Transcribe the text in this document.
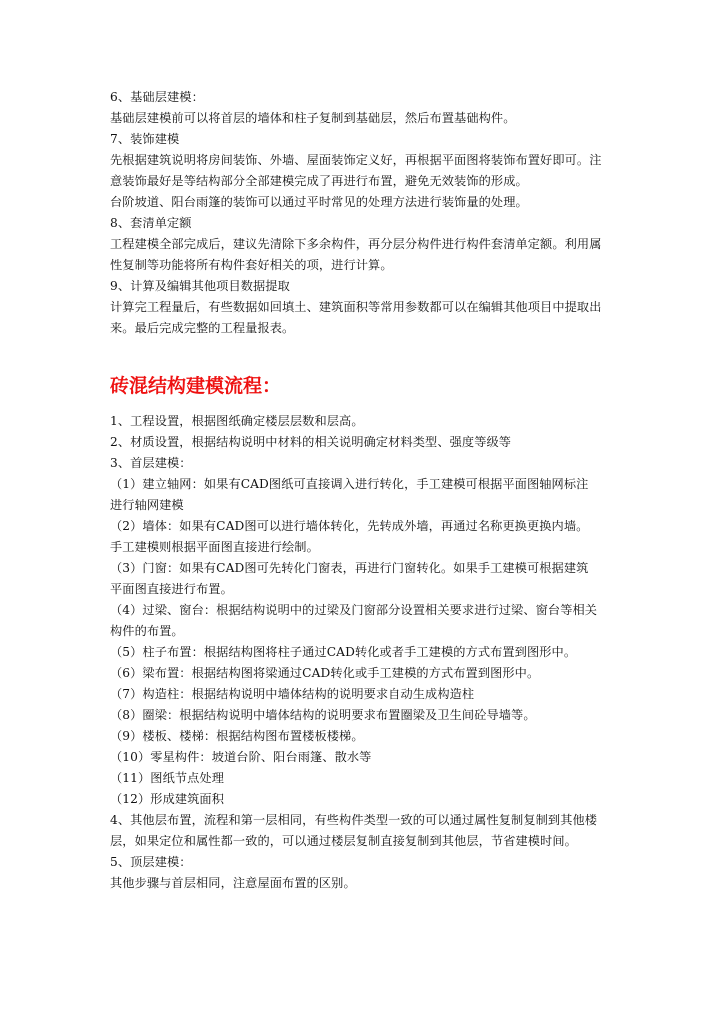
6、基础层建模：
基础层建模前可以将首层的墙体和柱子复制到基础层，然后布置基础构件。
7、装饰建模
先根据建筑说明将房间装饰、外墙、屋面装饰定义好，再根据平面图将装饰布置好即可。注
意装饰最好是等结构部分全部建模完成了再进行布置，避免无效装饰的形成。
台阶坡道、阳台雨篷的装饰可以通过平时常见的处理方法进行装饰量的处理。
8、套清单定额
工程建模全部完成后，建议先清除下多余构件，再分层分构件进行构件套清单定额。利用属
性复制等功能将所有构件套好相关的项，进行计算。
9、计算及编辑其他项目数据提取
计算完工程量后，有些数据如回填土、建筑面积等常用参数都可以在编辑其他项目中提取出
来。最后完成完整的工程量报表。
砖混结构建模流程：
1、工程设置，根据图纸确定楼层层数和层高。
2、材质设置，根据结构说明中材料的相关说明确定材料类型、强度等级等
3、首层建模：
（1）建立轴网：如果有CAD图纸可直接调入进行转化，手工建模可根据平面图轴网标注
进行轴网建模
（2）墙体：如果有CAD图可以进行墙体转化，先转成外墙，再通过名称更换更换内墙。
手工建模则根据平面图直接进行绘制。
（3）门窗：如果有CAD图可先转化门窗表，再进行门窗转化。如果手工建模可根据建筑
平面图直接进行布置。
（4）过梁、窗台：根据结构说明中的过梁及门窗部分设置相关要求进行过梁、窗台等相关
构件的布置。
（5）柱子布置：根据结构图将柱子通过CAD转化或者手工建模的方式布置到图形中。
（6）梁布置：根据结构图将梁通过CAD转化或手工建模的方式布置到图形中。
（7）构造柱：根据结构说明中墙体结构的说明要求自动生成构造柱
（8）圈梁：根据结构说明中墙体结构的说明要求布置圈梁及卫生间砼导墙等。
（9）楼板、楼梯：根据结构图布置楼板楼梯。
（10）零星构件：坡道台阶、阳台雨篷、散水等
（11）图纸节点处理
（12）形成建筑面积
4、其他层布置，流程和第一层相同，有些构件类型一致的可以通过属性复制复制到其他楼
层，如果定位和属性都一致的，可以通过楼层复制直接复制到其他层，节省建模时间。
5、顶层建模：
其他步骤与首层相同，注意屋面布置的区别。
